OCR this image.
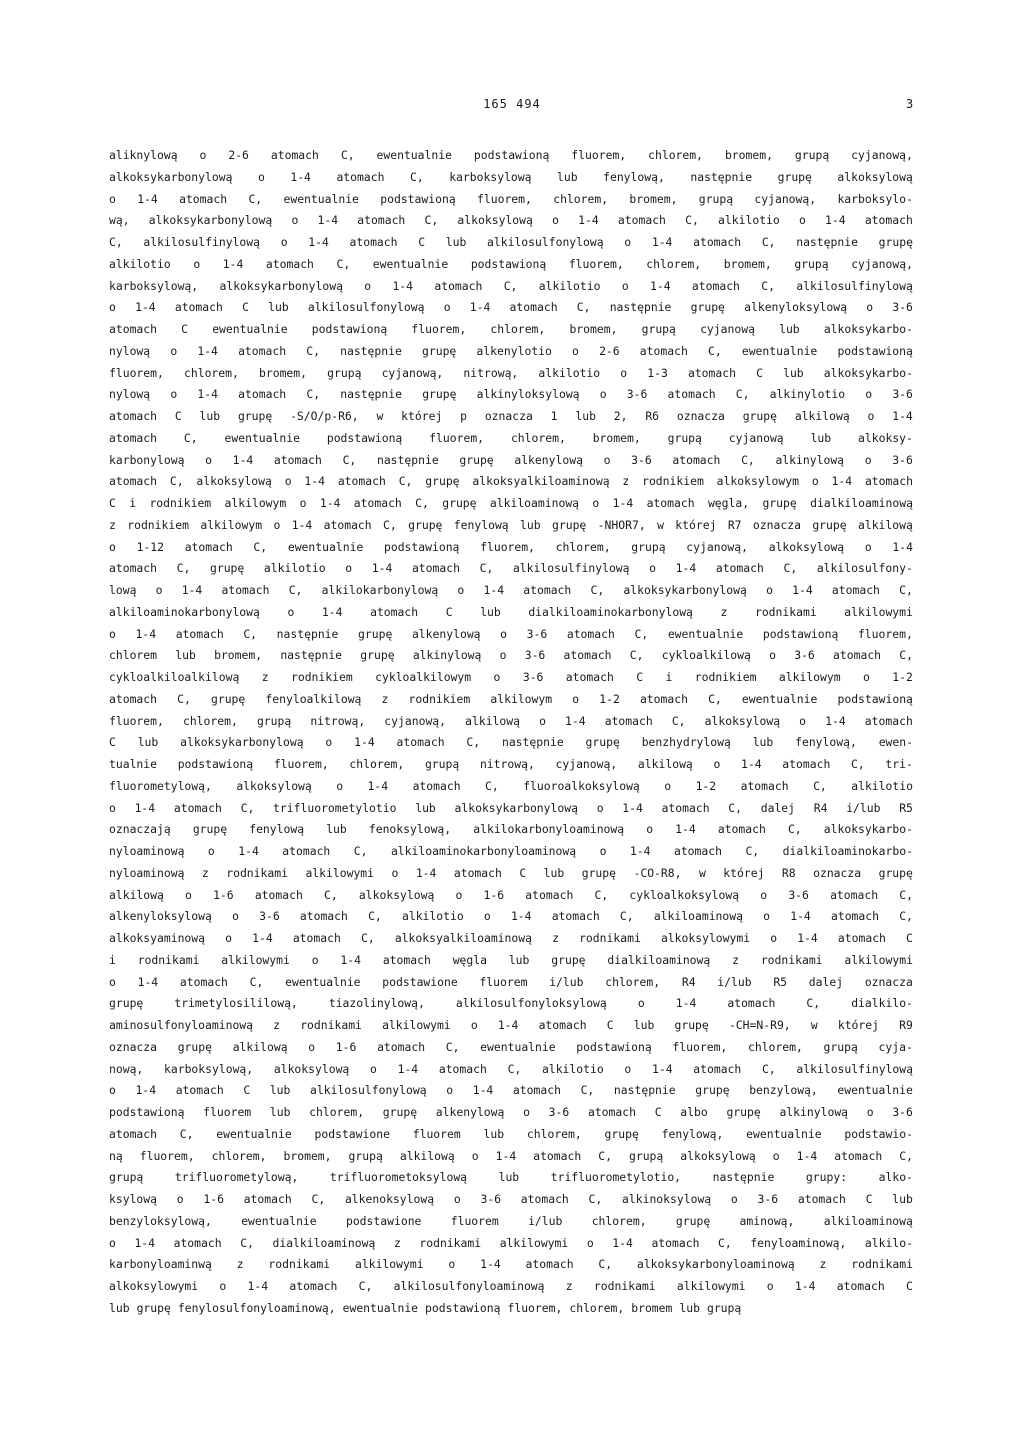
165 494	3
aliknylową o 2-6 atomach C, ewentualnie podstawioną fluorem, chlorem, bromem, grupą cyjanową,
alkoksykarbonylową o 1-4 atomach C, karboksylową lub fenylową, następnie grupę alkoksylową
o 1-4 atomach C, ewentualnie podstawioną fluorem, chlorem, bromem, grupą cyjanową, karboksylo-
wą, alkoksykarbonylową o 1-4 atomach C, alkoksylową o 1-4 atomach C, alkilotio o 1-4 atomach
C, alkilosulfinylową o 1-4 atomach C lub alkilosulfonylową o 1-4 atomach C, następnie grupę
alkilotio o 1-4 atomach C, ewentualnie podstawioną fluorem, chlorem, bromem, grupą cyjanową,
karboksylową, alkoksykarbonylową o 1-4 atomach C, alkilotio o 1-4 atomach C, alkilosulfinylową
o 1-4 atomach C lub alkilosulfonylową o 1-4 atomach C, następnie grupę alkenyloksylową o 3-6
atomach C ewentualnie podstawioną fluorem, chlorem, bromem, grupą cyjanową lub alkoksykarbo-
nylową o 1-4 atomach C, następnie grupę alkenylotio o 2-6 atomach C, ewentualnie podstawioną
fluorem, chlorem, bromem, grupą cyjanową, nitrową, alkilotio o 1-3 atomach C lub alkoksykarbo-
nylową o 1-4 atomach C, następnie grupę alkinyloksylową o 3-6 atomach C, alkinylotio o 3-6
atomach C lub grupę -S/O/p-R6, w której p oznacza 1 lub 2, R6 oznacza grupę alkilową o 1-4
atomach C, ewentualnie podstawioną fluorem, chlorem, bromem, grupą cyjanową lub alkoksy-
karbonylową o 1-4 atomach C, następnie grupę alkenylową o 3-6 atomach C, alkinylową o 3-6
atomach C, alkoksylową o 1-4 atomach C, grupę alkoksyalkiloaminową z rodnikiem alkoksylowym o 1-4 atomach
C i rodnikiem alkilowym o 1-4 atomach C, grupę alkiloaminową o 1-4 atomach węgla, grupę dialkiloaminową
z rodnikiem alkilowym o 1-4 atomach C, grupę fenylową lub grupę -NHOR7, w której R7 oznacza grupę alkilową
o 1-12 atomach C, ewentualnie podstawioną fluorem, chlorem, grupą cyjanową, alkoksylową o 1-4
atomach C, grupę alkilotio o 1-4 atomach C, alkilosulfinylową o 1-4 atomach C, alkilosulfony-
lową o 1-4 atomach C, alkilokarbonylową o 1-4 atomach C, alkoksykarbonylową o 1-4 atomach C,
alkiloaminokarbonylową o 1-4 atomach C lub dialkiloaminokarbonylową z rodnikami alkilowymi
o 1-4 atomach C, następnie grupę alkenylową o 3-6 atomach C, ewentualnie podstawioną fluorem,
chlorem lub bromem, następnie grupę alkinylową o 3-6 atomach C, cykloalkilową o 3-6 atomach C,
cykloalkiloalkilową z rodnikiem cykloalkilowym o 3-6 atomach C i rodnikiem alkilowym o 1-2
atomach C, grupę fenyloalkilową z rodnikiem alkilowym o 1-2 atomach C, ewentualnie podstawioną
fluorem, chlorem, grupą nitrową, cyjanową, alkilową o 1-4 atomach C, alkoksylową o 1-4 atomach
C lub alkoksykarbonylową o 1-4 atomach C, następnie grupę benzhydrylową lub fenylową, ewen-
tualnie podstawioną fluorem, chlorem, grupą nitrową, cyjanową, alkilową o 1-4 atomach C, tri-
fluorometylową, alkoksylową o 1-4 atomach C, fluoroalkoksylową o 1-2 atomach C, alkilotio
o 1-4 atomach C, trifluorometylotio lub alkoksykarbonylową o 1-4 atomach C, dalej R4 i/lub R5
oznaczają grupę fenylową lub fenoksylową, alkilokarbonyloaminową o 1-4 atomach C, alkoksykarbo-
nyloaminową o 1-4 atomach C, alkiloaminokarbonyloaminową o 1-4 atomach C, dialkiloaminokarbo-
nyloaminową z rodnikami alkilowymi o 1-4 atomach C lub grupę -CO-R8, w której R8 oznacza grupę
alkilową o 1-6 atomach C, alkoksylową o 1-6 atomach C, cykloalkoksylową o 3-6 atomach C,
alkenyloksylową o 3-6 atomach C, alkilotio o 1-4 atomach C, alkiloaminową o 1-4 atomach C,
alkoksyaminową o 1-4 atomach C, alkoksyalkiloaminową z rodnikami alkoksylowymi o 1-4 atomach C
i rodnikami alkilowymi o 1-4 atomach węgla lub grupę dialkiloaminową z rodnikami alkilowymi
o 1-4 atomach C, ewentualnie podstawione fluorem i/lub chlorem, R4 i/lub R5 dalej oznacza
grupę	trimetylosililową,	tiazolinylową,	alkilosulfonyloksylową	o	1-4	atomach	C,	dialkilo-
aminosulfonyloaminową z rodnikami alkilowymi o 1-4 atomach C lub grupę -CH=N-R9, w której R9
oznacza grupę alkilową o 1-6 atomach C, ewentualnie podstawioną fluorem, chlorem, grupą cyja-
nową, karboksylową, alkoksylową o 1-4 atomach C, alkilotio o 1-4 atomach C, alkilosulfinylową
o 1-4 atomach C lub alkilosulfonylową o 1-4 atomach C, następnie grupę benzylową, ewentualnie
podstawioną fluorem lub chlorem, grupę alkenylową o 3-6 atomach C albo grupę alkinylową o 3-6
atomach C, ewentualnie podstawione fluorem lub chlorem, grupę fenylową, ewentualnie podstawio-
ną fluorem, chlorem, bromem, grupą alkilową o 1-4 atomach C, grupą alkoksylową o 1-4 atomach C,
grupą	trifluorometylową,	trifluorometoksylową	lub	trifluorometylotio,	następnie	grupy:	alko-
ksylową o 1-6 atomach C, alkenoksylową o 3-6 atomach C, alkinoksylową o 3-6 atomach C lub
benzyloksylową,	ewentualnie	podstawione	fluorem	i/lub	chlorem,	grupę	aminową,	alkiloaminową
o 1-4 atomach C, dialkiloaminową z rodnikami alkilowymi o 1-4 atomach C, fenyloaminową, alkilo-
karbonyloaminwą z rodnikami alkilowymi o 1-4 atomach C, alkoksykarbonyloaminową z rodnikami
alkoksylowymi o 1-4 atomach C, alkilosulfonyloaminową z rodnikami alkilowymi o 1-4 atomach C
lub grupę fenylosulfonyloaminową, ewentualnie podstawioną fluorem, chlorem, bromem lub grupą
